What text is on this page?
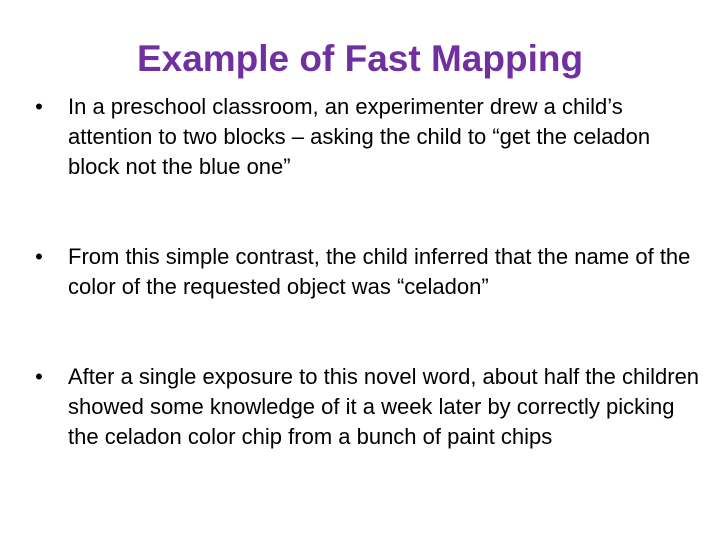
Example of Fast Mapping
• In a preschool classroom, an experimenter drew a child’s attention to two blocks – asking the child to “get the celadon block not the blue one”
• From this simple contrast, the child inferred that the name of the color of the requested object was “celadon”
• After a single exposure to this novel word, about half the children showed some knowledge of it a week later by correctly picking the celadon color chip from a bunch of paint chips
